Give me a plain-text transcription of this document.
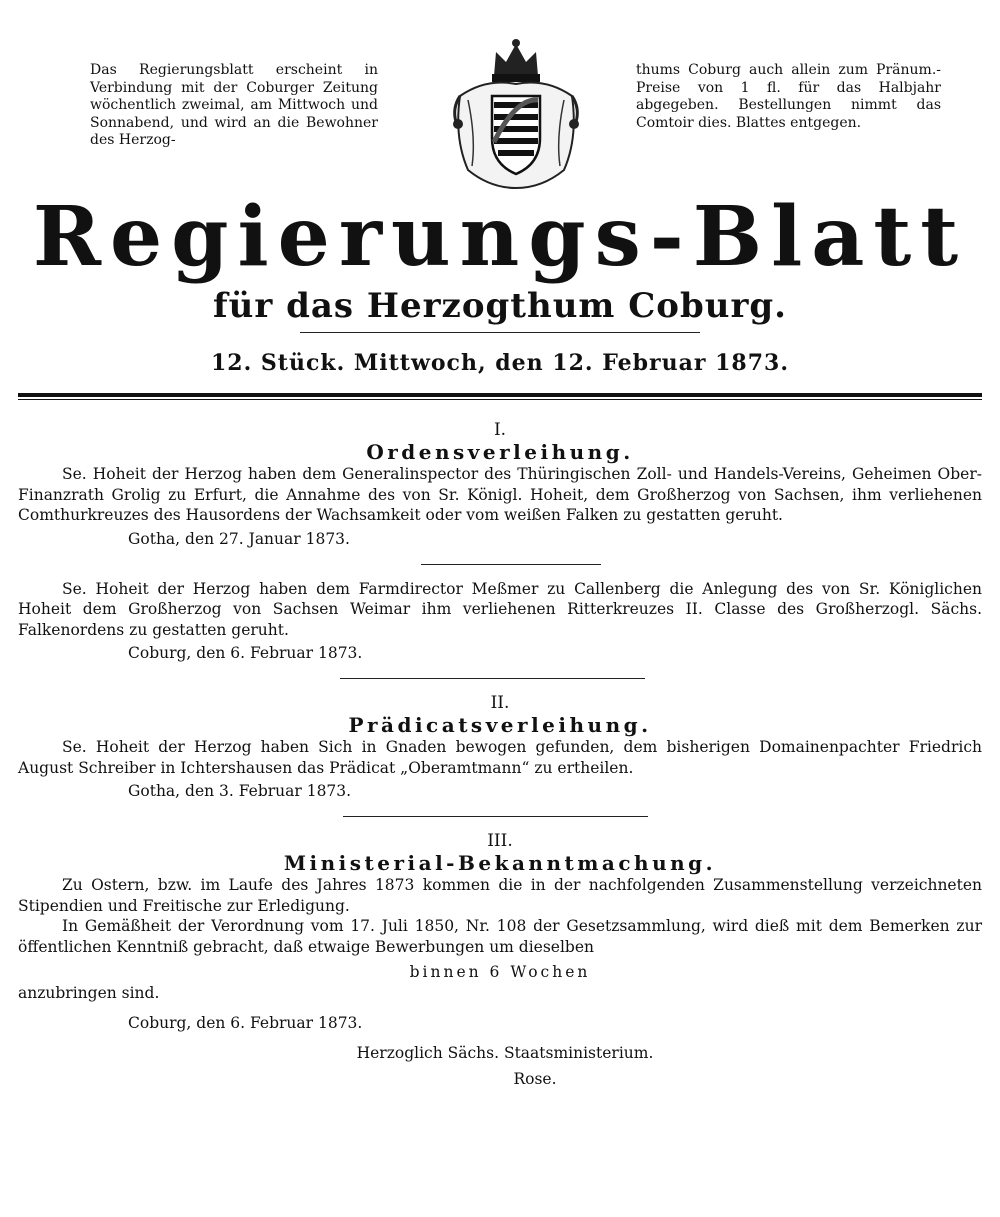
Das Regierungsblatt erscheint in Verbindung mit der Coburger Zeitung wöchentlich zweimal, am Mittwoch und Sonnabend, und wird an die Bewohner des Herzog-

thums Coburg auch allein zum Pränum.-Preise von 1 fl. für das Halbjahr abgegeben. Bestellungen nimmt das Comtoir dies. Blattes entgegen.

Regierungs-Blatt
für das Herzogthum Coburg.
12. Stück. Mittwoch, den 12. Februar 1873.
I.
Ordensverleihung.

Se. Hoheit der Herzog haben dem Generalinspector des Thüringischen Zoll- und Handels-Vereins, Geheimen Ober-Finanzrath Grolig zu Erfurt, die Annahme des von Sr. Königl. Hoheit, dem Großherzog von Sachsen, ihm verliehenen Comthurkreuzes des Hausordens der Wachsamkeit oder vom weißen Falken zu gestatten geruht.

Gotha, den 27. Januar 1873.

Se. Hoheit der Herzog haben dem Farmdirector Meßmer zu Callenberg die Anlegung des von Sr. Königlichen Hoheit dem Großherzog von Sachsen Weimar ihm verliehenen Ritterkreuzes II. Classe des Großherzogl. Sächs. Falkenordens zu gestatten geruht.

Coburg, den 6. Februar 1873.
II.
Prädicatsverleihung.

Se. Hoheit der Herzog haben Sich in Gnaden bewogen gefunden, dem bisherigen Domainenpachter Friedrich August Schreiber in Ichtershausen das Prädicat „Oberamtmann“ zu ertheilen.

Gotha, den 3. Februar 1873.
III.
Ministerial-Bekanntmachung.

Zu Ostern, bzw. im Laufe des Jahres 1873 kommen die in der nachfolgenden Zusammenstellung verzeichneten Stipendien und Freitische zur Erledigung.

In Gemäßheit der Verordnung vom 17. Juli 1850, Nr. 108 der Gesetzsammlung, wird dieß mit dem Bemerken zur öffentlichen Kenntniß gebracht, daß etwaige Bewerbungen um dieselben

binnen 6 Wochen

anzubringen sind.

Coburg, den 6. Februar 1873.
Herzoglich Sächs. Staatsministerium.
Rose.
